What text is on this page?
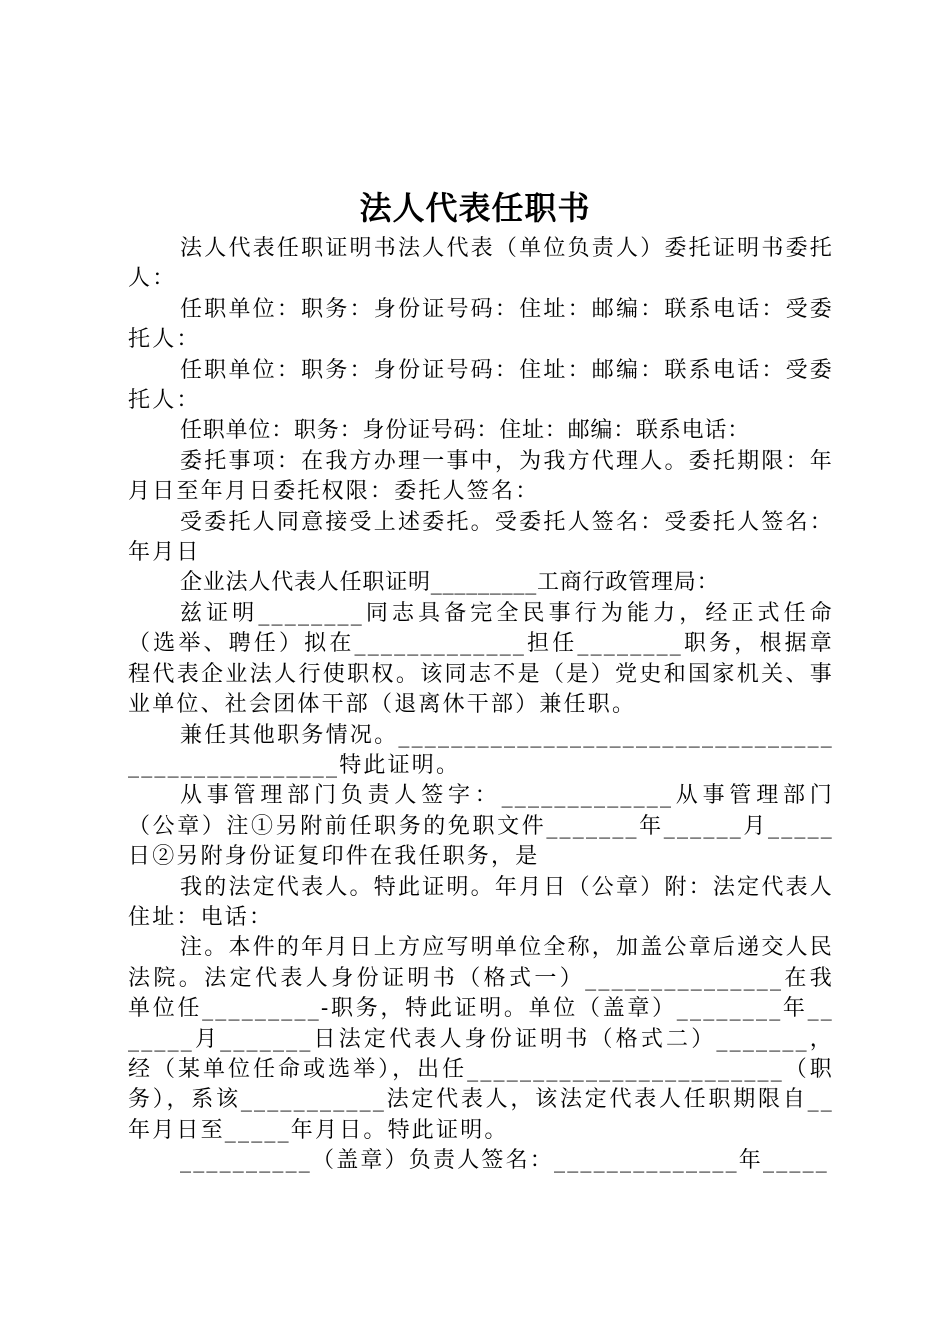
法人代表任职书

法人代表任职证明书法人代表（单位负责人）委托证明书委托人：

任职单位：职务：身份证号码：住址：邮编：联系电话：受委托人：

任职单位：职务：身份证号码：住址：邮编：联系电话：受委托人：

任职单位：职务：身份证号码：住址：邮编：联系电话：

委托事项：在我方办理一事中，为我方代理人。委托期限：年月日至年月日委托权限：委托人签名：

受委托人同意接受上述委托。受委托人签名：受委托人签名：年月日

企业法人代表人任职证明_________工商行政管理局：

兹证明________同志具备完全民事行为能力，经正式任命（选举、聘任）拟在_____________担任________职务，根据章程代表企业法人行使职权。该同志不是（是）党史和国家机关、事业单位、社会团体干部（退离休干部）兼任职。

兼任其他职务情况。_________________________________________________特此证明。

从事管理部门负责人签字：_____________从事管理部门（公章）注①另附前任职务的免职文件_______年______月_____日②另附身份证复印件在我任职务，是

我的法定代表人。特此证明。年月日（公章）附：法定代表人住址：电话：

注。本件的年月日上方应写明单位全称，加盖公章后递交人民法院。法定代表人身份证明书（格式一）_______________在我单位任_________-职务，特此证明。单位（盖章）________年_______月_______日法定代表人身份证明书（格式二）_______，经（某单位任命或选举），出任________________________（职务），系该___________法定代表人，该法定代表人任职期限自__年月日至_____年月日。特此证明。

__________（盖章）负责人签名：______________年_____
